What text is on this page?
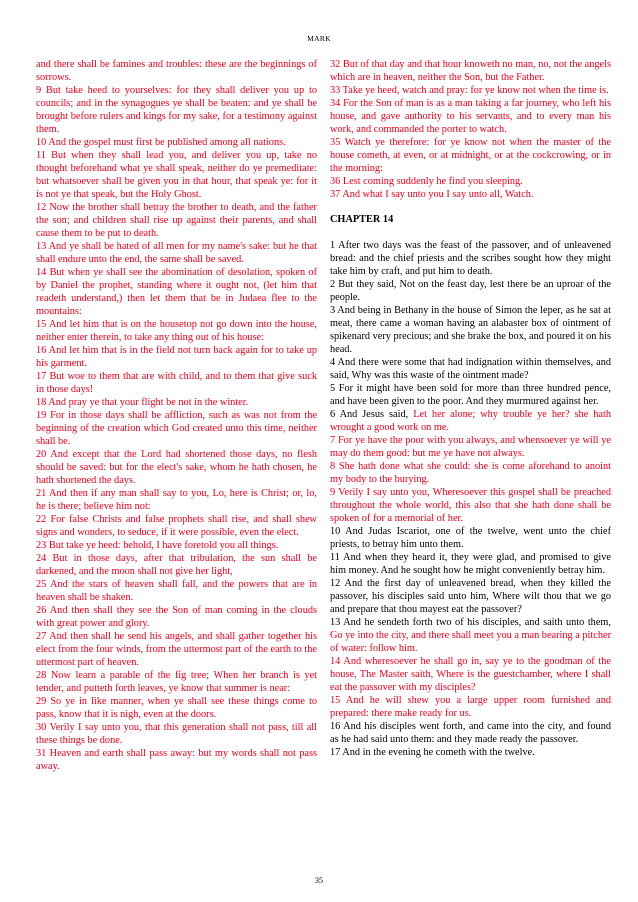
MARK

and there shall be famines and troubles: these are the beginnings of sorrows.

9 But take heed to yourselves: for they shall deliver you up to councils; and in the synagogues ye shall be beaten: and ye shall be brought before rulers and kings for my sake, for a testimony against them.

10 And the gospel must first be published among all nations.

11 But when they shall lead you, and deliver you up, take no thought beforehand what ye shall speak, neither do ye premeditate: but whatsoever shall be given you in that hour, that speak ye: for it is not ye that speak, but the Holy Ghost.

12 Now the brother shall betray the brother to death, and the father the son; and children shall rise up against their parents, and shall cause them to be put to death.

13 And ye shall be hated of all men for my name's sake: but he that shall endure unto the end, the same shall be saved.

14 But when ye shall see the abomination of desolation, spoken of by Daniel the prophet, standing where it ought not, (let him that readeth understand,) then let them that be in Judaea flee to the mountains:

15 And let him that is on the housetop not go down into the house, neither enter therein, to take any thing out of his house:

16 And let him that is in the field not turn back again for to take up his garment.

17 But woe to them that are with child, and to them that give suck in those days!

18 And pray ye that your flight be not in the winter.

19 For in those days shall be affliction, such as was not from the beginning of the creation which God created unto this time, neither shall be.

20 And except that the Lord had shortened those days, no flesh should be saved: but for the elect's sake, whom he hath chosen, he hath shortened the days.

21 And then if any man shall say to you, Lo, here is Christ; or, lo, he is there; believe him not:

22 For false Christs and false prophets shall rise, and shall shew signs and wonders, to seduce, if it were possible, even the elect.

23 But take ye heed: behold, I have foretold you all things.

24 But in those days, after that tribulation, the sun shall be darkened, and the moon shall not give her light,

25 And the stars of heaven shall fall, and the powers that are in heaven shall be shaken.

26 And then shall they see the Son of man coming in the clouds with great power and glory.

27 And then shall he send his angels, and shall gather together his elect from the four winds, from the uttermost part of the earth to the uttermost part of heaven.

28 Now learn a parable of the fig tree; When her branch is yet tender, and putteth forth leaves, ye know that summer is near:

29 So ye in like manner, when ye shall see these things come to pass, know that it is nigh, even at the doors.

30 Verily I say unto you, that this generation shall not pass, till all these things be done.

31 Heaven and earth shall pass away: but my words shall not pass away.

32 But of that day and that hour knoweth no man, no, not the angels which are in heaven, neither the Son, but the Father.

33 Take ye heed, watch and pray: for ye know not when the time is.

34 For the Son of man is as a man taking a far journey, who left his house, and gave authority to his servants, and to every man his work, and commanded the porter to watch.

35 Watch ye therefore: for ye know not when the master of the house cometh, at even, or at midnight, or at the cockcrowing, or in the morning:

36 Lest coming suddenly he find you sleeping.

37 And what I say unto you I say unto all, Watch.

CHAPTER 14

1 After two days was the feast of the passover, and of unleavened bread: and the chief priests and the scribes sought how they might take him by craft, and put him to death.

2 But they said, Not on the feast day, lest there be an uproar of the people.

3 And being in Bethany in the house of Simon the leper, as he sat at meat, there came a woman having an alabaster box of ointment of spikenard very precious; and she brake the box, and poured it on his head.

4 And there were some that had indignation within themselves, and said, Why was this waste of the ointment made?

5 For it might have been sold for more than three hundred pence, and have been given to the poor. And they murmured against her.

6 And Jesus said, Let her alone; why trouble ye her? she hath wrought a good work on me.

7 For ye have the poor with you always, and whensoever ye will ye may do them good: but me ye have not always.

8 She hath done what she could: she is come aforehand to anoint my body to the burying.

9 Verily I say unto you, Wheresoever this gospel shall be preached throughout the whole world, this also that she hath done shall be spoken of for a memorial of her.

10 And Judas Iscariot, one of the twelve, went unto the chief priests, to betray him unto them.

11 And when they heard it, they were glad, and promised to give him money. And he sought how he might conveniently betray him.

12 And the first day of unleavened bread, when they killed the passover, his disciples said unto him, Where wilt thou that we go and prepare that thou mayest eat the passover?

13 And he sendeth forth two of his disciples, and saith unto them, Go ye into the city, and there shall meet you a man bearing a pitcher of water: follow him.

14 And wheresoever he shall go in, say ye to the goodman of the house, The Master saith, Where is the guestchamber, where I shall eat the passover with my disciples?

15 And he will shew you a large upper room furnished and prepared: there make ready for us.

16 And his disciples went forth, and came into the city, and found as he had said unto them: and they made ready the passover.

17 And in the evening he cometh with the twelve.

35
